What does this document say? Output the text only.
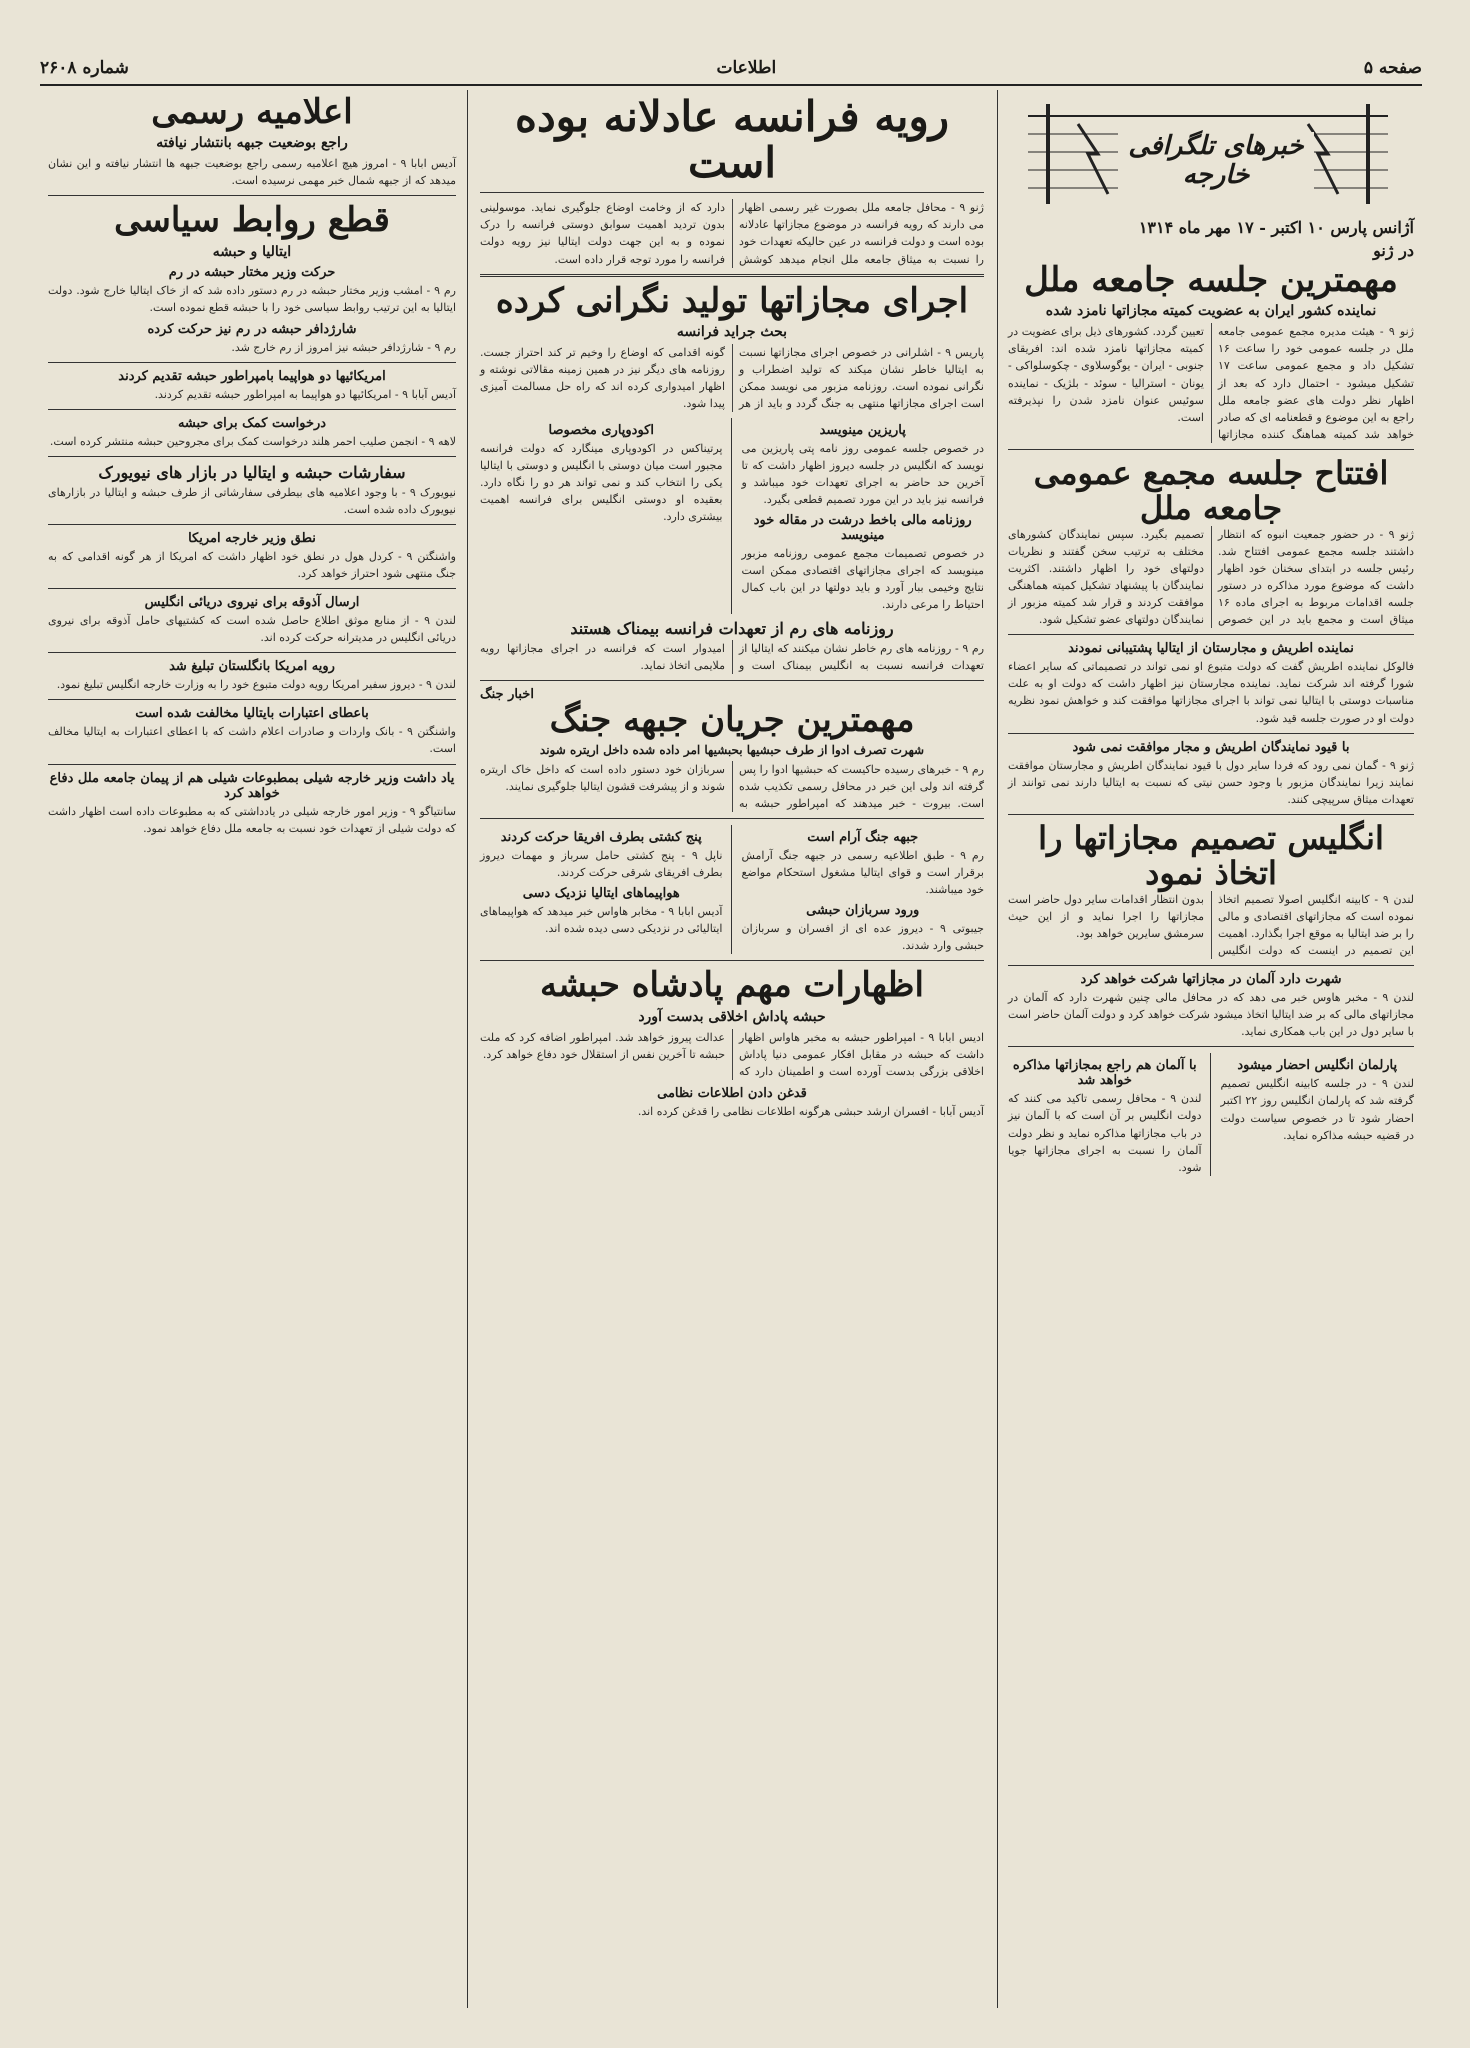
صفحه ۵
اطلاعات
شماره ۲۶۰۸
خبرهای تلگرافی خارجه
آژانس پارس ۱۰ اکتبر - ۱۷ مهر ماه ۱۳۱۴
در ژنو
مهمترین جلسه جامعه ملل
نماینده کشور ایران به عضویت کمیته مجازاتها نامزد شده
ژنو ۹ - هیئت مدیره مجمع عمومی جامعه ملل در جلسه عمومی خود را ساعت ۱۶ تشکیل داد و مجمع عمومی ساعت ۱۷ تشکیل میشود - احتمال دارد که بعد از اظهار نظر دولت های عضو جامعه ملل راجع به این موضوع و قطعنامه ای که صادر خواهد شد کمیته هماهنگ کننده مجازاتها تعیین گردد. کشورهای ذیل برای عضویت در کمیته مجازاتها نامزد شده اند: افریقای جنوبی - ایران - یوگوسلاوی - چکوسلواکی - یونان - استرالیا - سوئد - بلژیک - نماینده سوئیس عنوان نامزد شدن را نپذیرفته است.
افتتاح جلسه مجمع عمومی جامعه ملل
ژنو ۹ - در حضور جمعیت انبوه که انتظار داشتند جلسه مجمع عمومی افتتاح شد. رئیس جلسه در ابتدای سخنان خود اظهار داشت که موضوع مورد مذاکره در دستور جلسه اقدامات مربوط به اجرای ماده ۱۶ میثاق است و مجمع باید در این خصوص تصمیم بگیرد. سپس نمایندگان کشورهای مختلف به ترتیب سخن گفتند و نظریات دولتهای خود را اظهار داشتند. اکثریت نمایندگان با پیشنهاد تشکیل کمیته هماهنگی موافقت کردند و قرار شد کمیته مزبور از نمایندگان دولتهای عضو تشکیل شود.
نماینده اطریش و مجارستان از ایتالیا پشتیبانی نمودند
فالوکل نماینده اطریش گفت که دولت متبوع او نمی تواند در تصمیماتی که سایر اعضاء شورا گرفته اند شرکت نماید. نماینده مجارستان نیز اظهار داشت که دولت او به علت مناسبات دوستی با ایتالیا نمی تواند با اجرای مجازاتها موافقت کند و خواهش نمود نظریه دولت او در صورت جلسه قید شود.
با قیود نمایندگان اطریش و مجار موافقت نمی شود
ژنو ۹ - گمان نمی رود که فردا سایر دول با قیود نمایندگان اطریش و مجارستان موافقت نمایند زیرا نمایندگان مزبور با وجود حسن نیتی که نسبت به ایتالیا دارند نمی توانند از تعهدات میثاق سرپیچی کنند.
انگلیس تصمیم مجازاتها را اتخاذ نمود
لندن ۹ - کابینه انگلیس اصولا تصمیم اتخاذ نموده است که مجازاتهای اقتصادی و مالی را بر ضد ایتالیا به موقع اجرا بگذارد. اهمیت این تصمیم در اینست که دولت انگلیس بدون انتظار اقدامات سایر دول حاضر است مجازاتها را اجرا نماید و از این حیث سرمشق سایرین خواهد بود.
شهرت دارد آلمان در مجازاتها شرکت خواهد کرد
لندن ۹ - مخبر هاوس خبر می دهد که در محافل مالی چنین شهرت دارد که آلمان در مجازاتهای مالی که بر ضد ایتالیا اتخاذ میشود شرکت خواهد کرد و دولت آلمان حاضر است با سایر دول در این باب همکاری نماید.
پارلمان انگلیس احضار میشود
لندن ۹ - در جلسه کابینه انگلیس تصمیم گرفته شد که پارلمان انگلیس روز ۲۲ اکتبر احضار شود تا در خصوص سیاست دولت در قضیه حبشه مذاکره نماید.
با آلمان هم راجع بمجازاتها مذاکره خواهد شد
لندن ۹ - محافل رسمی تاکید می کنند که دولت انگلیس بر آن است که با آلمان نیز در باب مجازاتها مذاکره نماید و نظر دولت آلمان را نسبت به اجرای مجازاتها جویا شود.
رویه فرانسه عادلانه بوده است
ژنو ۹ - محافل جامعه ملل بصورت غیر رسمی اظهار می دارند که رویه فرانسه در موضوع مجازاتها عادلانه بوده است و دولت فرانسه در عین حالیکه تعهدات خود را نسبت به میثاق جامعه ملل انجام میدهد کوشش دارد که از وخامت اوضاع جلوگیری نماید. موسولینی بدون تردید اهمیت سوابق دوستی فرانسه را درک نموده و به این جهت دولت ایتالیا نیز رویه دولت فرانسه را مورد توجه قرار داده است.
اجرای مجازاتها تولید نگرانی کرده
بحث جراید فرانسه
پاریس ۹ - اشلرانی در خصوص اجرای مجازاتها نسبت به ایتالیا خاطر نشان میکند که تولید اضطراب و نگرانی نموده است. روزنامه مزبور می نویسد ممکن است اجرای مجازاتها منتهی به جنگ گردد و باید از هر گونه اقدامی که اوضاع را وخیم تر کند احتراز جست. روزنامه های دیگر نیز در همین زمینه مقالاتی نوشته و اظهار امیدواری کرده اند که راه حل مسالمت آمیزی پیدا شود.
پاریزین مینویسد
در خصوص جلسه عمومی روز نامه پتی پاریزین می نویسد که انگلیس در جلسه دیروز اظهار داشت که تا آخرین حد حاضر به اجرای تعهدات خود میباشد و فرانسه نیز باید در این مورد تصمیم قطعی بگیرد.
روزنامه مالی باخط درشت در مقاله خود مینویسد
در خصوص تصمیمات مجمع عمومی روزنامه مزبور مینویسد که اجرای مجازاتهای اقتصادی ممکن است نتایج وخیمی ببار آورد و باید دولتها در این باب کمال احتیاط را مرعی دارند.
اکودوپاری مخصوصا
پرتیناکس در اکودوپاری مینگارد که دولت فرانسه مجبور است میان دوستی با انگلیس و دوستی با ایتالیا یکی را انتخاب کند و نمی تواند هر دو را نگاه دارد. بعقیده او دوستی انگلیس برای فرانسه اهمیت بیشتری دارد.
روزنامه های رم از تعهدات فرانسه بیمناک هستند
رم ۹ - روزنامه های رم خاطر نشان میکنند که ایتالیا از تعهدات فرانسه نسبت به انگلیس بیمناک است و امیدوار است که فرانسه در اجرای مجازاتها رویه ملایمی اتخاذ نماید.
اخبار جنگ
مهمترین جریان جبهه جنگ
شهرت تصرف ادوا از طرف حبشیها بحبشیها امر داده شده داخل اریتره شوند
رم ۹ - خبرهای رسیده حاکیست که حبشیها ادوا را پس گرفته اند ولی این خبر در محافل رسمی تکذیب شده است. بیروت - خبر میدهند که امپراطور حبشه به سربازان خود دستور داده است که داخل خاک اریتره شوند و از پیشرفت قشون ایتالیا جلوگیری نمایند.
جبهه جنگ آرام است
رم ۹ - طبق اطلاعیه رسمی در جبهه جنگ آرامش برقرار است و قوای ایتالیا مشغول استحکام مواضع خود میباشند.
ورود سربازان حبشی
جیبوتی ۹ - دیروز عده ای از افسران و سربازان حبشی وارد شدند.
پنج کشتی بطرف افریقا حرکت کردند
ناپل ۹ - پنج کشتی حامل سرباز و مهمات دیروز بطرف افریقای شرقی حرکت کردند.
هواپیماهای ایتالیا نزدیک دسی
آدیس ابابا ۹ - مخابر هاواس خبر میدهد که هواپیماهای ایتالیائی در نزدیکی دسی دیده شده اند.
اظهارات مهم پادشاه حبشه
حبشه پاداش اخلاقی بدست آورد
ادیس ابابا ۹ - امپراطور حبشه به مخبر هاواس اظهار داشت که حبشه در مقابل افکار عمومی دنیا پاداش اخلاقی بزرگی بدست آورده است و اطمینان دارد که عدالت پیروز خواهد شد. امپراطور اضافه کرد که ملت حبشه تا آخرین نفس از استقلال خود دفاع خواهد کرد.
قدغن دادن اطلاعات نظامی
آدیس آبابا - افسران ارشد حبشی هرگونه اطلاعات نظامی را قدغن کرده اند.
اعلامیه رسمی
راجع بوضعیت جبهه بانتشار نیافته
آدیس ابابا ۹ - امروز هیچ اعلامیه رسمی راجع بوضعیت جبهه ها انتشار نیافته و این نشان میدهد که از جبهه شمال خبر مهمی نرسیده است.
قطع روابط سیاسی
ایتالیا و حبشه
حرکت وزیر مختار حبشه در رم
رم ۹ - امشب وزیر مختار حبشه در رم دستور داده شد که از خاک ایتالیا خارج شود. دولت ایتالیا به این ترتیب روابط سیاسی خود را با حبشه قطع نموده است.
شارژدافر حبشه در رم نیز حرکت کرده
رم ۹ - شارژدافر حبشه نیز امروز از رم خارج شد.
امریکائیها دو هواپیما بامپراطور حبشه تقدیم کردند
آدیس آبابا ۹ - امریکائیها دو هواپیما به امپراطور حبشه تقدیم کردند.
درخواست کمک برای حبشه
لاهه ۹ - انجمن صلیب احمر هلند درخواست کمک برای مجروحین حبشه منتشر کرده است.
سفارشات حبشه و ایتالیا در بازار های نیویورک
نیویورک ۹ - با وجود اعلامیه های بیطرفی سفارشاتی از طرف حبشه و ایتالیا در بازارهای نیویورک داده شده است.
نطق وزیر خارجه امریکا
واشنگتن ۹ - کردل هول در نطق خود اظهار داشت که امریکا از هر گونه اقدامی که به جنگ منتهی شود احتراز خواهد کرد.
ارسال آذوقه برای نیروی دریائی انگلیس
لندن ۹ - از منابع موثق اطلاع حاصل شده است که کشتیهای حامل آذوقه برای نیروی دریائی انگلیس در مدیترانه حرکت کرده اند.
رویه امریکا بانگلستان تبلیغ شد
لندن ۹ - دیروز سفیر امریکا رویه دولت متبوع خود را به وزارت خارجه انگلیس تبلیغ نمود.
باعطای اعتبارات بایتالیا مخالفت شده است
واشنگتن ۹ - بانک واردات و صادرات اعلام داشت که با اعطای اعتبارات به ایتالیا مخالف است.
یاد داشت وزیر خارجه شیلی بمطبوعات شیلی هم از پیمان جامعه ملل دفاع خواهد کرد
سانتیاگو ۹ - وزیر امور خارجه شیلی در یادداشتی که به مطبوعات داده است اظهار داشت که دولت شیلی از تعهدات خود نسبت به جامعه ملل دفاع خواهد نمود.
